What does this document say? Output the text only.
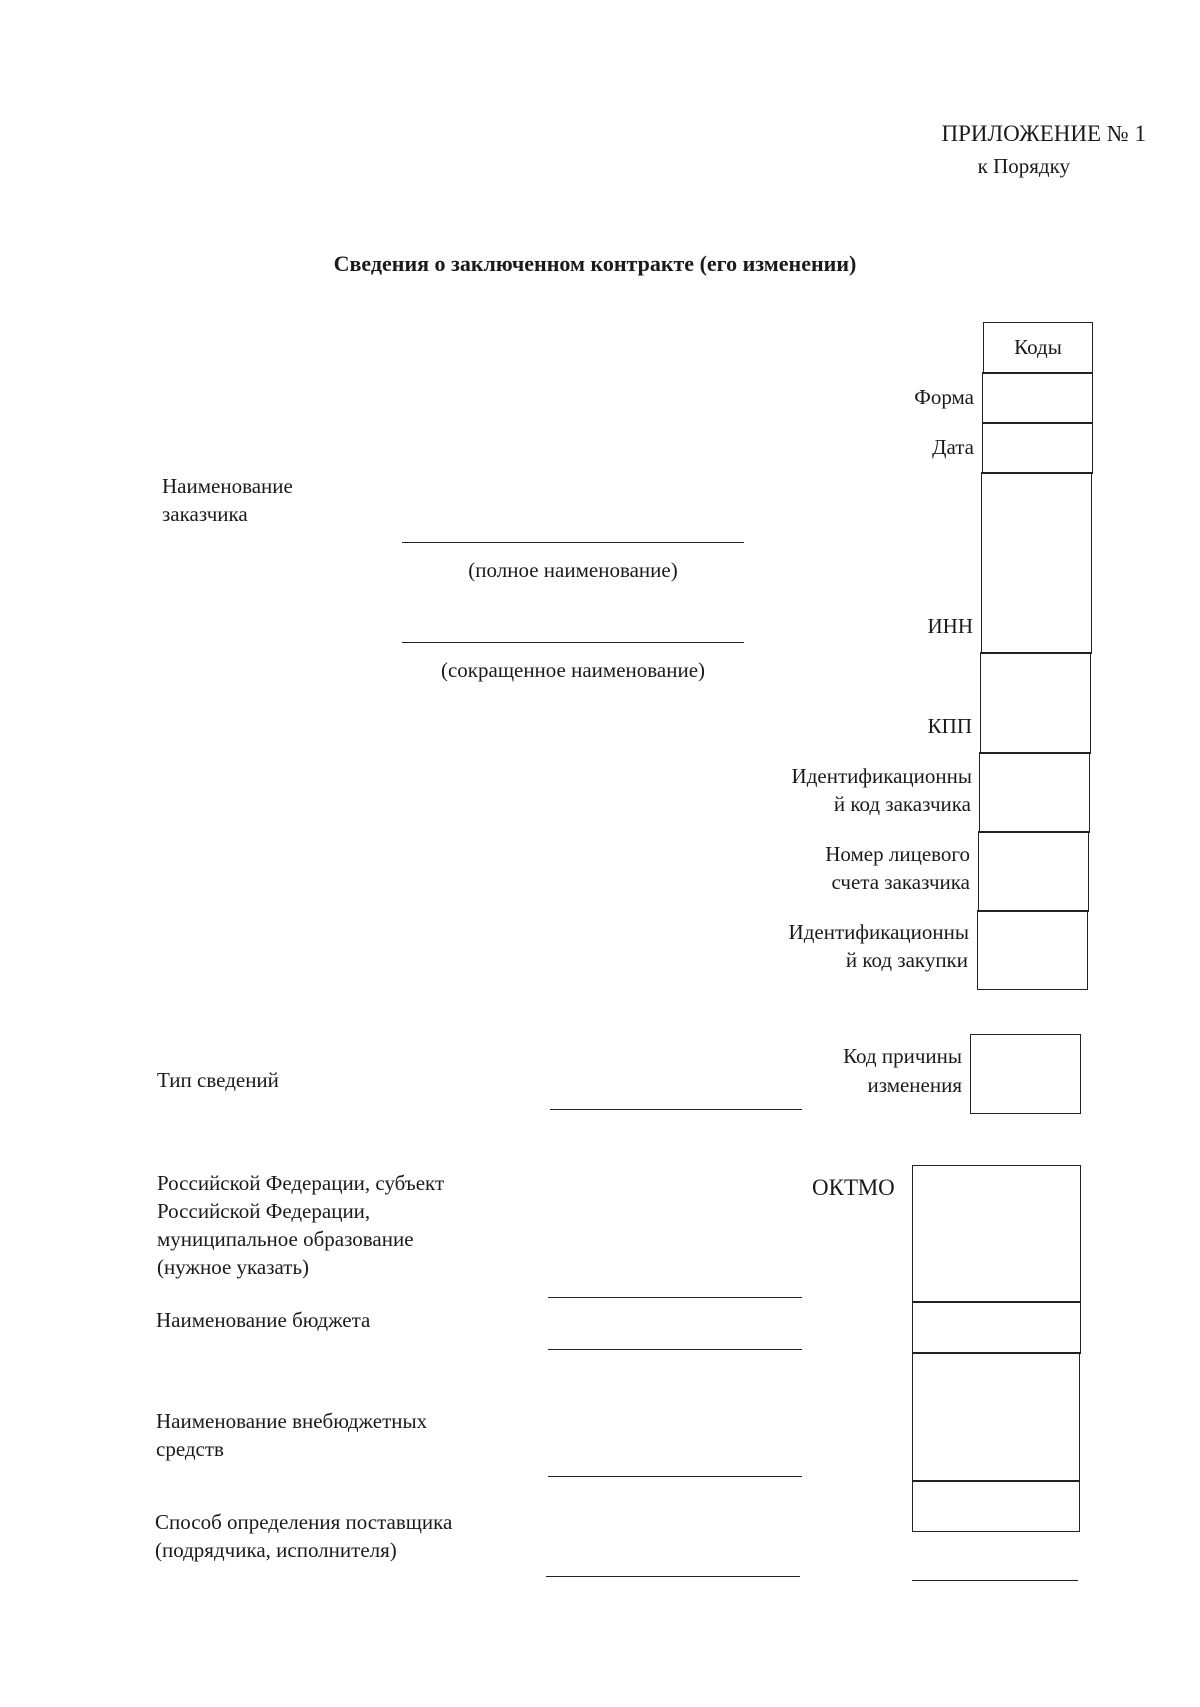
ПРИЛОЖЕНИЕ № 1
к Порядку
Сведения о заключенном контракте (его изменении)
Коды
Форма
Дата
ИНН
КПП
Идентификационны
й код заказчика
Номер лицевого
счета заказчика
Идентификационны
й код закупки
Наименование
заказчика
(полное наименование)
(сокращенное наименование)
Код причины
изменения
Тип сведений
Российской Федерации, субъект
Российской Федерации,
муниципальное образование
(нужное указать)
ОКТМО
Наименование бюджета
Наименование внебюджетных
средств
Способ определения поставщика
(подрядчика, исполнителя)
